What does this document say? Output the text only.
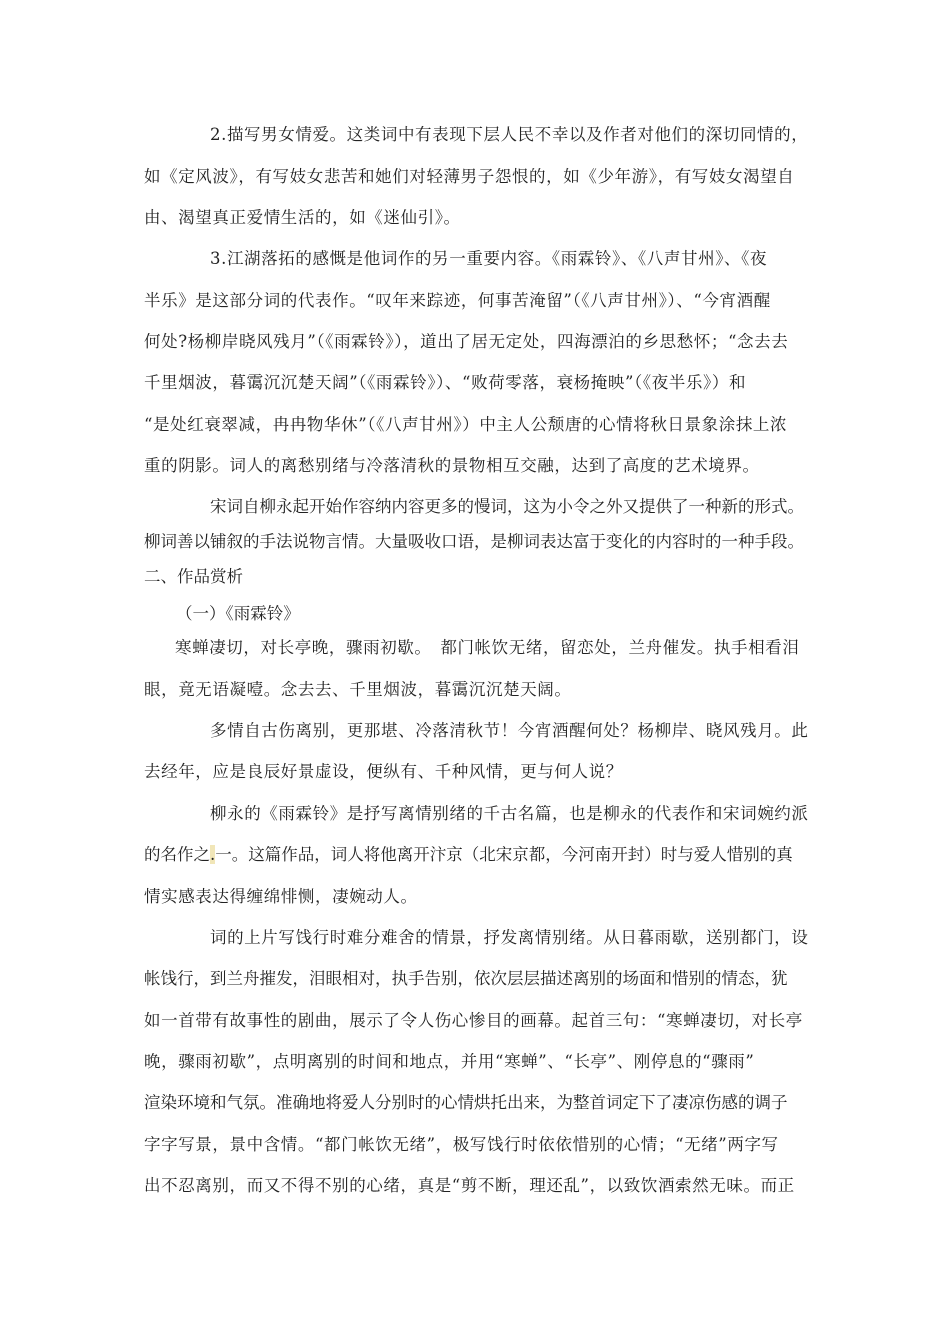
2.描写男女情爱。这类词中有表现下层人民不幸以及作者对他们的深切同情的，
如《定风波》，有写妓女悲苦和她们对轻薄男子怨恨的，如《少年游》，有写妓女渴望自
由、渴望真正爱情生活的，如《迷仙引》。
3.江湖落拓的感慨是他词作的另一重要内容。《雨霖铃》、《八声甘州》、《夜
半乐》是这部分词的代表作。“叹年来踪迹，何事苦淹留”（《八声甘州》）、“今宵酒醒
何处?杨柳岸晓风残月”（《雨霖铃》），道出了居无定处，四海漂泊的乡思愁怀；“念去去
千里烟波，暮霭沉沉楚天阔”（《雨霖铃》）、“败荷零落，衰杨掩映”（《夜半乐》）和
“是处红衰翠减，冉冉物华休”（《八声甘州》）中主人公颓唐的心情将秋日景象涂抹上浓
重的阴影。词人的离愁别绪与冷落清秋的景物相互交融，达到了高度的艺术境界。
宋词自柳永起开始作容纳内容更多的慢词，这为小令之外又提供了一种新的形式。
柳词善以铺叙的手法说物言情。大量吸收口语，是柳词表达富于变化的内容时的一种手段。
二、作品赏析
（一）《雨霖铃》
寒蝉凄切，对长亭晚，骤雨初歇。　都门帐饮无绪，留恋处，兰舟催发。执手相看泪
眼，竟无语凝噎。念去去、千里烟波，暮霭沉沉楚天阔。
多情自古伤离别，更那堪、冷落清秋节！今宵酒醒何处？杨柳岸、晓风残月。此
去经年，应是良辰好景虚设，便纵有、千种风情，更与何人说？
柳永的《雨霖铃》是抒写离情别绪的千古名篇，也是柳永的代表作和宋词婉约派
的名作之.一。这篇作品，词人将他离开汴京（北宋京都，今河南开封）时与爱人惜别的真
情实感表达得缠绵悱恻，凄婉动人。
词的上片写饯行时难分难舍的情景，抒发离情别绪。从日暮雨歇，送别都门，设
帐饯行，到兰舟摧发，泪眼相对，执手告别，依次层层描述离别的场面和惜别的情态，犹
如一首带有故事性的剧曲，展示了令人伤心惨目的画幕。起首三句：“寒蝉凄切，对长亭
晚，骤雨初歇”，点明离别的时间和地点，并用“寒蝉”、“长亭”、刚停息的“骤雨”
渲染环境和气氛。准确地将爱人分别时的心情烘托出来，为整首词定下了凄凉伤感的调子
字字写景，景中含情。“都门帐饮无绪”，极写饯行时依依惜别的心情；“无绪”两字写
出不忍离别，而又不得不别的心绪，真是“剪不断，理还乱”，以致饮酒索然无味。而正
